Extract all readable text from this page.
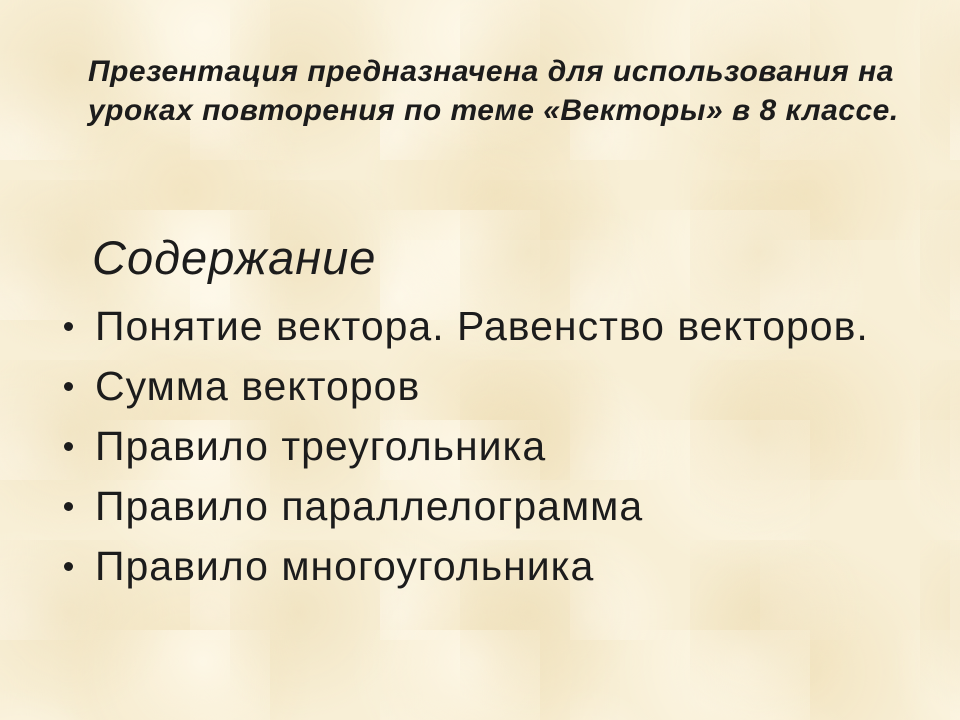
Презентация предназначена для использования на
уроках повторения по теме «Векторы» в 8 классе.
Содержание
Понятие вектора. Равенство векторов.
Сумма векторов
Правило треугольника
Правило параллелограмма
Правило многоугольника
